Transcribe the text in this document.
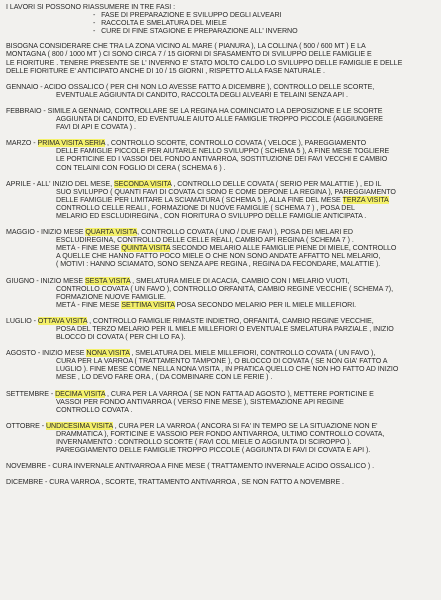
I LAVORI SI POSSONO RIASSUMERE IN TRE FASI :
- FASE DI PREPARAZIONE E SVILUPPO DEGLI ALVEARI
- RACCOLTA E SMELATURA DEL MIELE
- CURE DI FINE STAGIONE E PREPARAZIONE ALL' INVERNO
BISOGNA CONSIDERARE CHE TRA LA ZONA VICINO AL MARE ( PIANURA ), LA COLLINA ( 500 / 600 MT ) E LA
MONTAGNA ( 800 / 1000 MT ) CI SONO CIRCA 7 / 15 GIORNI DI SFASAMENTO DI SVILUPPO DELLE FAMIGLIE E
LE FIORITURE . TENERE PRESENTE SE L' INVERNO E' STATO MOLTO CALDO LO SVILUPPO DELLE FAMIGLIE E DELLE
DELLE FIORITURE E' ANTICIPATO ANCHE DI 10 / 15 GIORNI , RISPETTO ALLA FASE NATURALE .
GENNAIO - ACIDO OSSALICO ( PER CHI NON LO AVESSE FATTO A DICEMBRE ), CONTROLLO DELLE SCORTE,
EVENTUALE AGGIUNTA DI CANDITO, RACCOLTA DEGLI ALVEARI E TELAINI SENZA API .
FEBBRAIO - SIMILE A GENNAIO, CONTROLLARE SE LA REGINA HA COMINCIATO LA DEPOSIZIONE E LE SCORTE
AGGIUNTA DI CANDITO, ED EVENTUALE AIUTO ALLE FAMIGLIE TROPPO PICCOLE (AGGIUNGERE
FAVI DI API E COVATA ) .
MARZO - PRIMA VISITA SERIA , CONTROLLO SCORTE, CONTROLLO COVATA ( VELOCE ), PAREGGIAMENTO
DELLE FAMIGLIE PICCOLE PER AIUTARLE NELLO SVILUPPO ( SCHEMA 5 ), A FINE MESE TOGLIERE
LE PORTICINE ED I VASSOI DEL FONDO ANTIVARROA, SOSTITUZIONE DEI FAVI VECCHI E CAMBIO
CON TELAINI CON FOGLIO DI CERA ( SCHEMA 6 ) .
APRILE - ALL' INIZIO DEL MESE, SECONDA VISITA , CONTROLLO DELLE COVATA ( SERIO PER MALATTIE ) , ED IL
SUO SVILUPPO ( QUANTI FAVI DI COVATA CI SONO E COME DEPONE LA REGINA ), PAREGGIAMENTO
DELLE FAMIGLIE PER LIMITARE LA SCIAMATURA ( SCHEMA 5 ), ALLA FINE DEL MESE TERZA VISITA
CONTROLLO CELLE REALI , FORMAZIONE DI NUOVE FAMIGLIE ( SCHEMA 7 ) , POSA DEL
MELARIO ED ESCLUDIREGINA , CON FIORITURA O SVILUPPO DELLE FAMIGLIE ANTICIPATA .
MAGGIO - INIZIO MESE QUARTA VISITA, CONTROLLO COVATA ( UNO / DUE FAVI ), POSA DEI MELARI ED
ESCLUDIREGINA, CONTROLLO DELLE CELLE REALI, CAMBIO API REGINA ( SCHEMA 7 ) .
METÀ - FINE MESE QUINTA VISITA SECONDO MELARIO ALLE FAMIGLIE PIENE DI MIELE, CONTROLLO
A QUELLE CHE HANNO FATTO POCO MIELE O CHE NON SONO ANDATE AFFATTO NEL MELARIO,
( MOTIVI : HANNO SCIAMATO, SONO SENZA APE REGINA , REGINA DA FECONDARE, MALATTIE ).
GIUGNO - INIZIO MESE SESTA VISITA , SMELATURA MIELE DI ACACIA, CAMBIO CON I MELARIO VUOTI,
CONTROLLO COVATA ( UN FAVO ), CONTROLLO ORFANITÀ, CAMBIO REGINE VECCHIE ( SCHEMA 7),
FORMAZIONE NUOVE FAMIGLIE.
METÀ - FINE MESE SETTIMA VISITA POSA SECONDO MELARIO PER IL MIELE MILLEFIORI.
LUGLIO - OTTAVA VISITA , CONTROLLO FAMIGLIE RIMASTE INDIETRO, ORFANITÀ, CAMBIO REGINE VECCHIE,
POSA DEL TERZO MELARIO PER IL MIELE MILLEFIORI O EVENTUALE SMELATURA PARZIALE , INIZIO
BLOCCO DI COVATA ( PER CHI LO FA ).
AGOSTO - INIZIO MESE NONA VISITA , SMELATURA DEL MIELE MILLEFIORI, CONTROLLO COVATA ( UN FAVO ),
CURA PER LA VARROA ( TRATTAMENTO TAMPONE ), O BLOCCO DI COVATA ( SE NON GIA' FATTO A
LUGLIO ). FINE MESE COME NELLA NONA VISITA , IN PRATICA QUELLO CHE NON HO FATTO AD INIZIO
MESE , LO DEVO FARE ORA , ( DA COMBINARE CON LE FERIE ) .
SETTEMBRE - DECIMA VISITA , CURA PER LA VARROA ( SE NON FATTA AD AGOSTO ), METTERE PORTICINE E
VASSOI PER FONDO ANTIVARROA ( VERSO FINE MESE ), SISTEMAZIONE API REGINE
CONTROLLO COVATA .
OTTOBRE - UNDICESIMA VISITA , CURA PER LA VARROA ( ANCORA SI FA' IN TEMPO SE LA SITUAZIONE NON E'
DRAMMATICA ), FORTICINE E VASSOIO PER FONDO ANTIVARROA, ULTIMO CONTROLLO COVATA,
INVERNAMENTO : CONTROLLO SCORTE ( FAVI COL MIELE O AGGIUNTA DI SCIROPPO ).
PAREGGIAMENTO DELLE FAMIGLIE TROPPO PICCOLE ( AGGIUNTA DI FAVI DI COVATA E API ).
NOVEMBRE - CURA INVERNALE ANTIVARROA A FINE MESE ( TRATTAMENTO INVERNALE ACIDO OSSALICO ) .
DICEMBRE - CURA VARROA , SCORTE, TRATTAMENTO ANTIVARROA , SE NON FATTO A NOVEMBRE .
